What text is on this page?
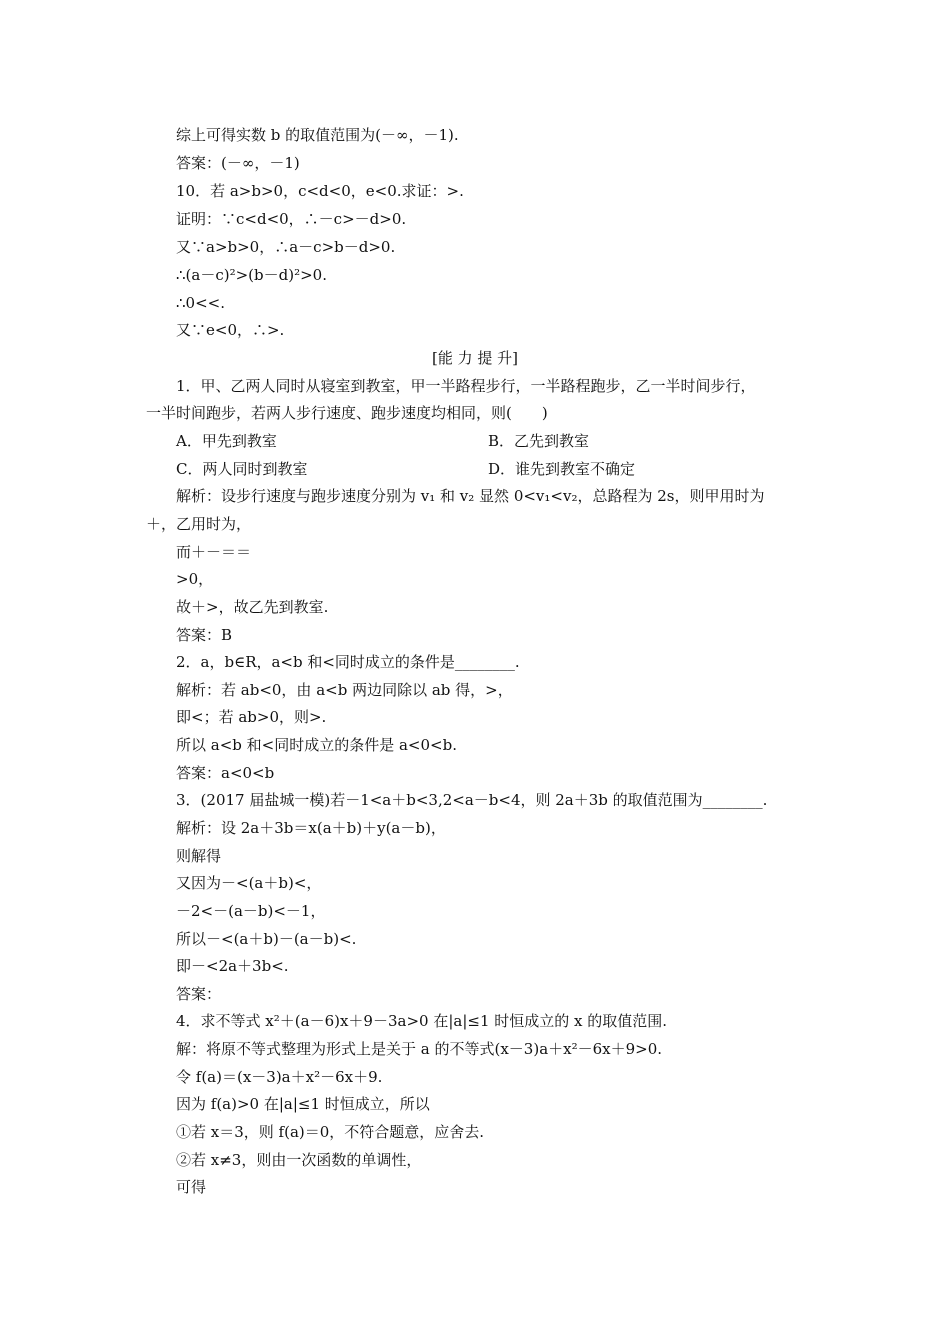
综上可得实数 b 的取值范围为(－∞，－1).
答案：(－∞，－1)
10．若 a>b>0，c<d<0，e<0.求证：>.
证明：∵c<d<0，∴－c>－d>0.
又∵a>b>0，∴a－c>b－d>0.
∴(a－c)²>(b－d)²>0.
∴0<<.
又∵e<0，∴>.
[能 力 提 升]
1．甲、乙两人同时从寝室到教室，甲一半路程步行，一半路程跑步，乙一半时间步行，
一半时间跑步，若两人步行速度、跑步速度均相同，则(　　)
A．甲先到教室	B．乙先到教室
C．两人同时到教室	D．谁先到教室不确定
解析：设步行速度与跑步速度分别为 v₁ 和 v₂ 显然 0<v₁<v₂，总路程为 2s，则甲用时为
＋，乙用时为，
而＋－＝＝
>0，
故＋>，故乙先到教室.
答案：B
2．a，b∈R，a<b 和<同时成立的条件是________.
解析：若 ab<0，由 a<b 两边同除以 ab 得，>，
即<；若 ab>0，则>.
所以 a<b 和<同时成立的条件是 a<0<b.
答案：a<0<b
3．(2017 届盐城一模)若－1<a＋b<3,2<a－b<4，则 2a＋3b 的取值范围为________.
解析：设 2a＋3b＝x(a＋b)＋y(a－b)，
则解得
又因为－<(a＋b)<，
－2<－(a－b)<－1，
所以－<(a＋b)－(a－b)<.
即－<2a＋3b<.
答案：
4．求不等式 x²＋(a－6)x＋9－3a>0 在|a|≤1 时恒成立的 x 的取值范围.
解：将原不等式整理为形式上是关于 a 的不等式(x－3)a＋x²－6x＋9>0.
令 f(a)＝(x－3)a＋x²－6x＋9.
因为 f(a)>0 在|a|≤1 时恒成立，所以
①若 x＝3，则 f(a)＝0，不符合题意，应舍去.
②若 x≠3，则由一次函数的单调性，
可得
